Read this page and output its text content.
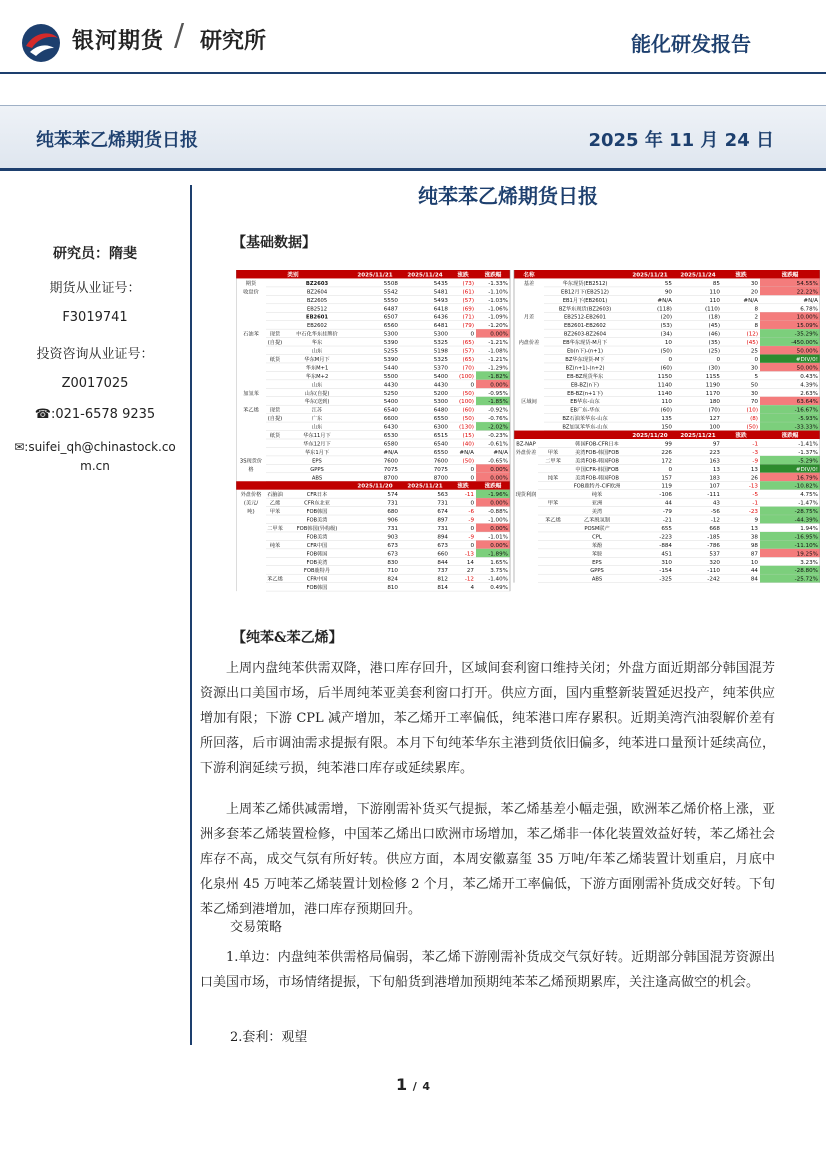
银河期货 / 研究所	能化研发报告
纯苯苯乙烯期货日报	2025 年 11 月 24 日
研究员：隋斐
期货从业证号：
F3019741
投资咨询从业证号：
Z0017025
☎:021-6578 9235
✉:suifei_qh@chinastock.co
m.cn
纯苯苯乙烯期货日报
【基础数据】
类别	2025/11/21	2025/11/24	涨跌	涨跌幅
期货	BZ2603	5508	5435	(73)	-1.33%
收盘价	BZ2604	5542	5481	(61)	-1.10%
BZ2605	5550	5493	(57)	-1.03%
EB2512	6487	6418	(69)	-1.06%
EB2601	6507	6436	(71)	-1.09%
EB2602	6560	6481	(79)	-1.20%
石油苯 现货	中石化华东挂牌价	5300	5300	0	0.00%
(自提)	华东	5390	5325	(65)	-1.21%
山东	5255	5198	(57)	-1.08%
纸货	华东M月下	5390	5325	(65)	-1.21%
华东M+1	5440	5370	(70)	-1.29%
华东M+2	5500	5400 (100)	-1.82%
山东	4430	4430	0	0.00%
加氢苯	山东(自提)	5250	5200	(50)	-0.95%
华东(送到)	5400	5300 (100)	-1.85%
苯乙烯 现货	江苏	6540	6480	(60)	-0.92%
(自提)	广东	6600	6550	(50)	-0.76%
山东	6430	6300 (130)	-2.02%
纸货	华东11月下	6530	6515	(15)	-0.23%
华东12月下	6580	6540	(40)	-0.61%
华东1月下	#N/A	6550 #N/A	#N/A
3S现货价	EPS	7600	7600	(50)	-0.65%
格	GPPS	7075	7075	0	0.00%
ABS	8700	8700	0	0.00%
2025/11/20	2025/11/21	涨跌	涨跌幅
外盘价格 石脑油	CFR日本	574	563	-11	-1.96%
(美元/ 乙烯	CFR东北亚	731	731	0	0.00%
吨)	甲苯	FOB韩国	680	674	-6	-0.88%
FOB美湾	906	897	-9	-1.00%
二甲苯	FOB韩国(异构级)	731	731	0	0.00%
FOB美湾	903	894	-9	-1.01%
纯苯	CFR中国	673	673	0	0.00%
FOB韩国	673	660	-13	-1.89%
FOB美湾	830	844	14	1.65%
FOB鹿特丹	710	737	27	3.75%
苯乙烯	CFR中国	824	812	-12	-1.40%
FOB韩国	810	814	4	0.49%
名称	2025/11/21 2025/11/24	涨跌	涨跌幅
基差	华东现货(EB2512)	55	85	30	54.55%
EB12月下(EB2512)	90	110	20	22.22%
EB1月下(EB2601)	#N/A	110	#N/A	#N/A
BZ华东现货(BZ2603)	(118)	(110)	8	6.78%
月差	EB2512-EB2601	(20)	(18)	2	10.00%
EB2601-EB2602	(53)	(45)	8	15.09%
BZ2603-BZ2604	(34)	(46)	(12)	-35.29%
内盘价差	EB华东现货-M月下	10	(35)	(45)	-450.00%
Eb(n下)-(n+1)	(50)	(25)	25	50.00%
BZ华东现货-M下	0	0	0	#DIV/0!
BZ(n+1)-(n+2)	(60)	(30)	30	50.00%
EB-BZ现货华东	1150	1155	5	0.43%
EB-BZ(n下)	1140	1190	50	4.39%
EB-BZ(n+1下)	1140	1170	30	2.63%
区域间	EB华东-山东	110	180	70	63.64%
EB广东-华东	(60)	(70)	(10)	-16.67%
BZ石油苯华东-山东	135	127	(8)	-5.93%
BZ加氢苯华东-山东	150	100	(50)	-33.33%
2025/11/20 2025/11/21	涨跌	涨跌幅
BZ-NAP	韩国FOB-CFR日本	99	97	-1	-1.41%
外盘价差 甲苯	美湾FOB-韩国FOB	226	223	-3	-1.37%
二甲苯	美湾FOB-韩国FOB	172	163	-9	-5.29%
中国CFR-韩国FOB	0	13	13	#DIV/0!
纯苯	美湾FOB-韩国FOB	157	183	26	16.79%
FOB鹿特丹-CIF欧洲	119	107	-13	-10.82%
现货利润	纯苯	-106	-111	-5	4.75%
甲苯	亚洲	44	43	-1	-1.47%
美湾	-79	-56	-23	-28.75%
苯乙烯	乙苯脱氢制	-21	-12	9	-44.39%
POSM联产	655	668	13	1.94%
CPL	-223	-185	38	-16.95%
苯酚	-884	-786	98	-11.10%
苯胺	451	537	87	19.25%
EPS	310	320	10	3.23%
GPPS	-154	-110	44	-28.80%
ABS	-325	-242	84	-25.72%
【纯苯&苯乙烯】
上周内盘纯苯供需双降，港口库存回升，区域间套利窗口维持关闭；外盘方面近期部分韩国混芳资源出口美国市场，后半周纯苯亚美套利窗口打开。供应方面，国内重整新装置延迟投产，纯苯供应增加有限；下游 CPL 减产增加，苯乙烯开工率偏低，纯苯港口库存累积。近期美湾汽油裂解价差有所回落，后市调油需求提振有限。本月下旬纯苯华东主港到货依旧偏多，纯苯进口量预计延续高位，下游利润延续亏损，纯苯港口库存或延续累库。
上周苯乙烯供减需增，下游刚需补货买气提振，苯乙烯基差小幅走强，欧洲苯乙烯价格上涨，亚洲多套苯乙烯装置检修，中国苯乙烯出口欧洲市场增加，苯乙烯非一体化装置效益好转，苯乙烯社会库存不高，成交气氛有所好转。供应方面，本周安徽嘉玺 35 万吨/年苯乙烯装置计划重启，月底中化泉州 45 万吨苯乙烯装置计划检修 2 个月，苯乙烯开工率偏低，下游方面刚需补货成交好转。下旬苯乙烯到港增加，港口库存预期回升。
交易策略
1.单边：内盘纯苯供需格局偏弱，苯乙烯下游刚需补货成交气氛好转。近期部分韩国混芳资源出口美国市场，市场情绪提振，下旬船货到港增加预期纯苯苯乙烯预期累库，关注逢高做空的机会。
2.套利：观望
1 / 4
